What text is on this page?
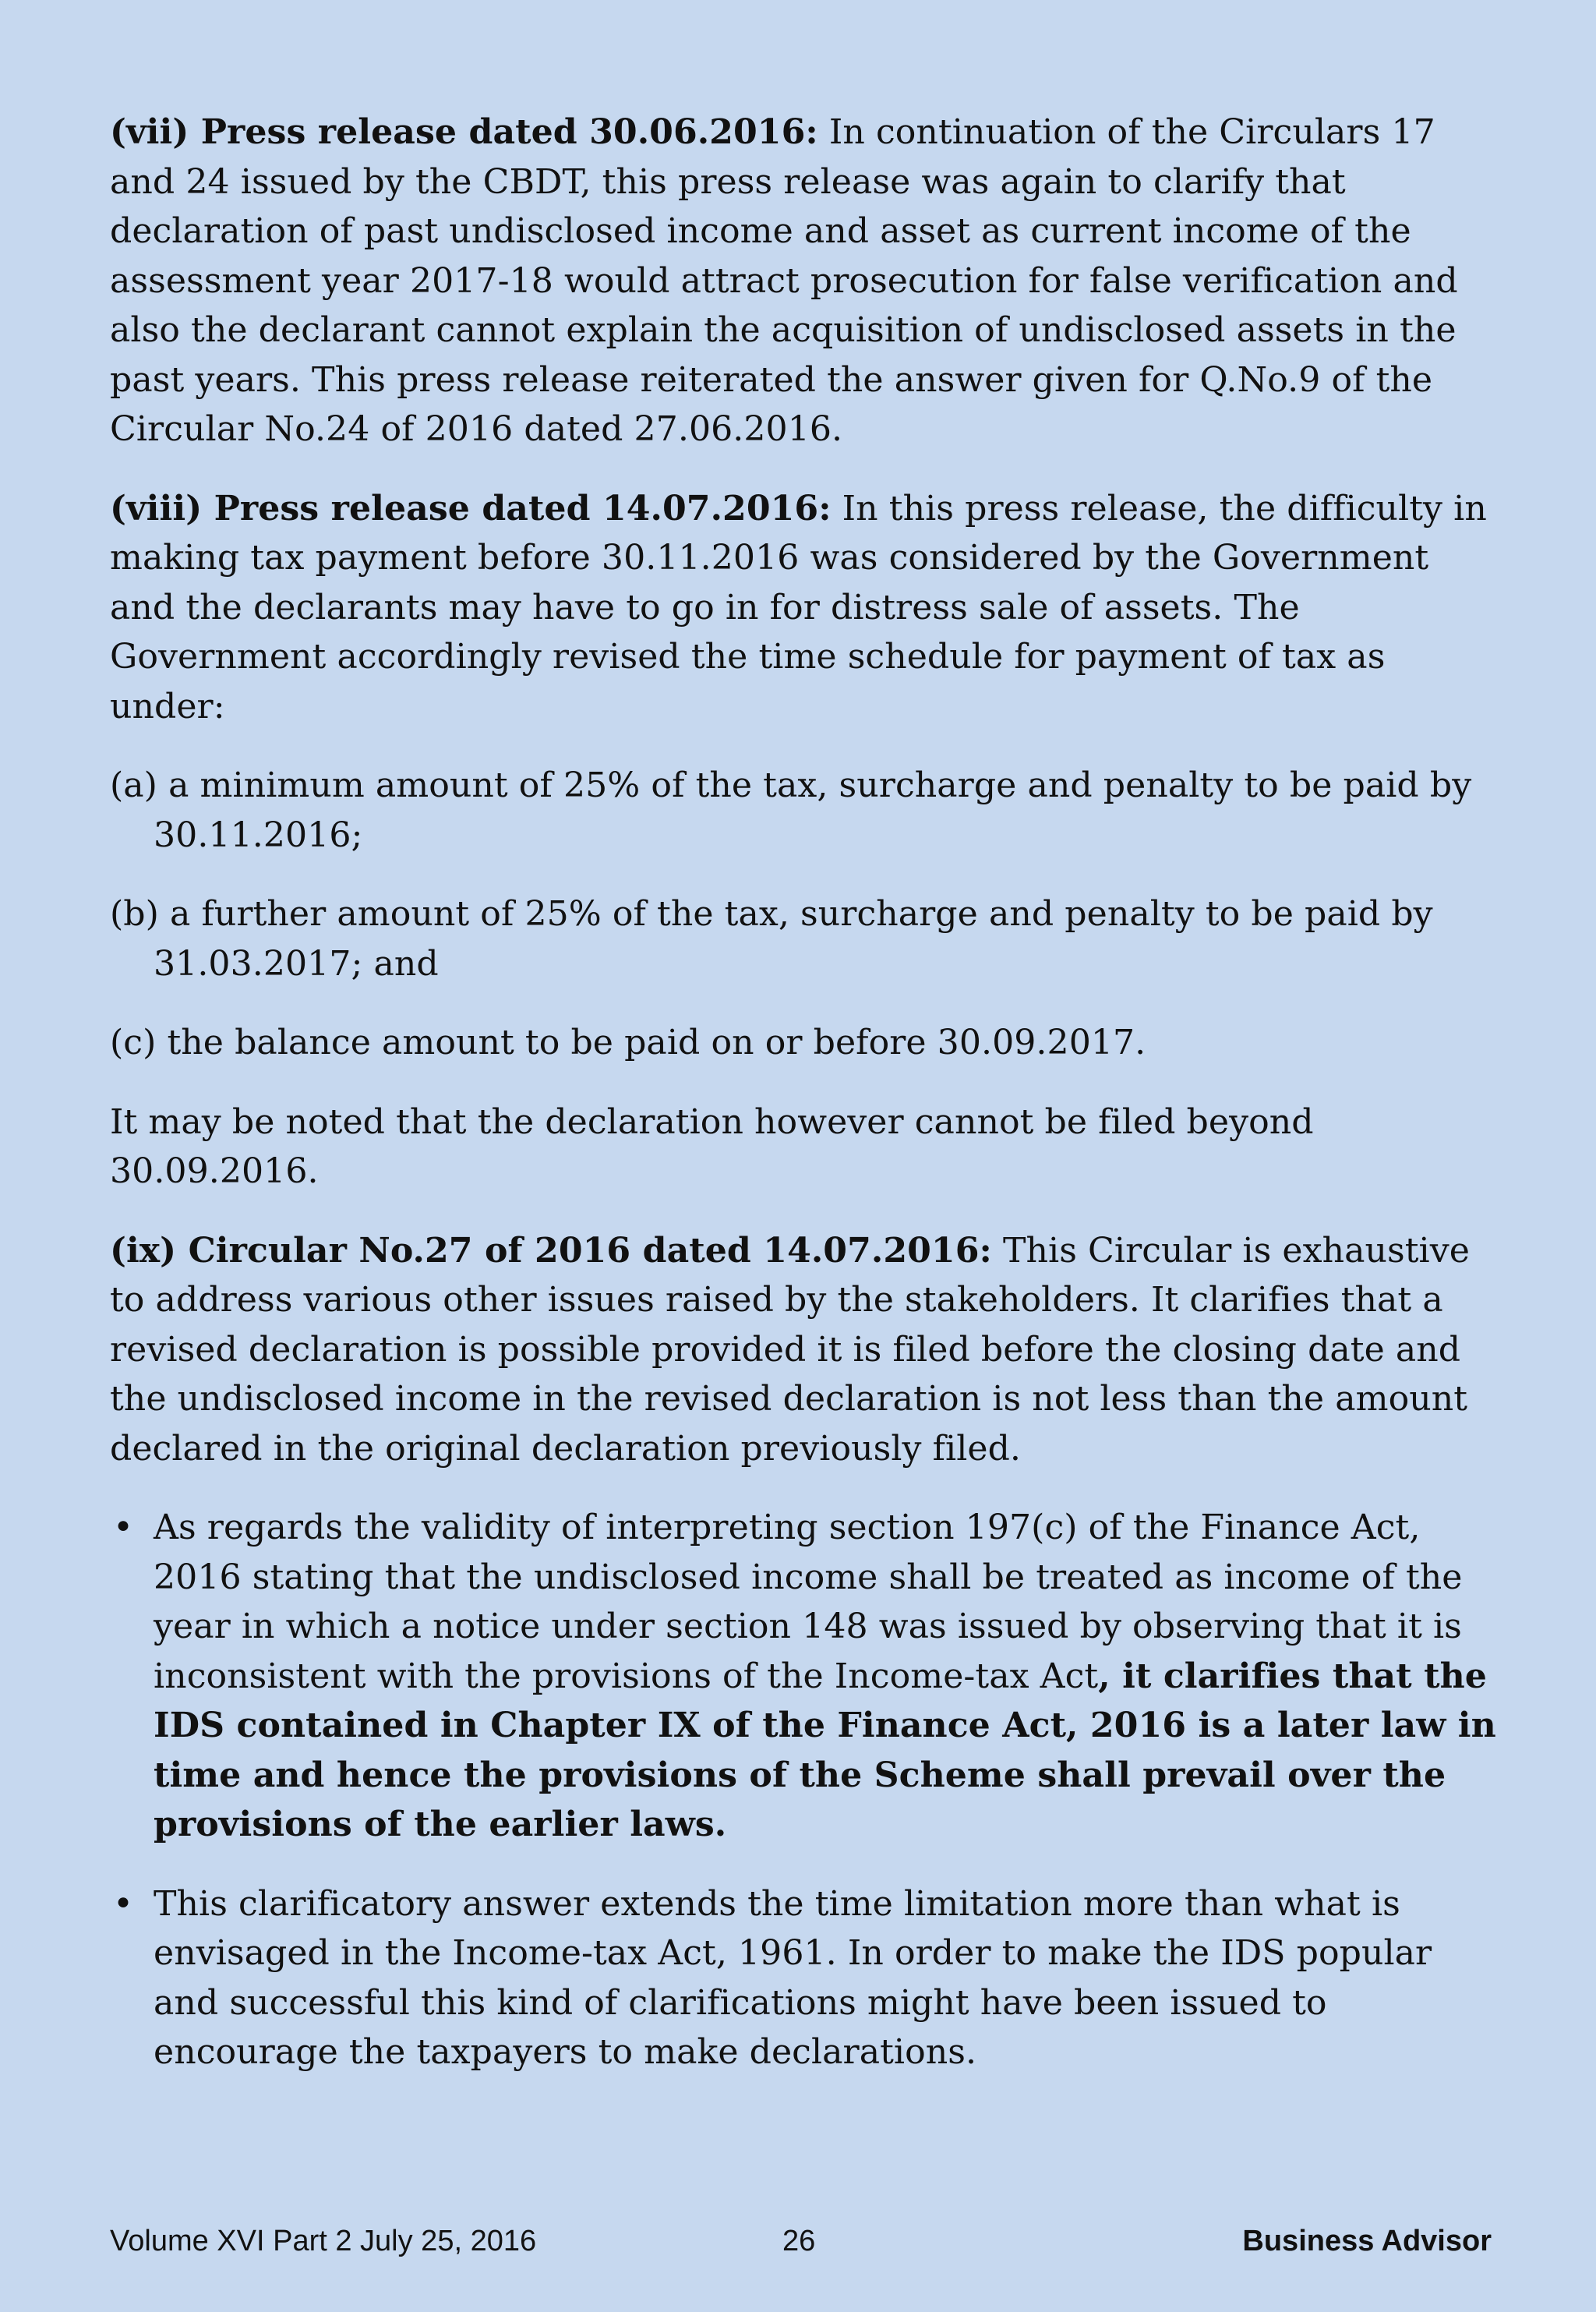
(vii) Press release dated 30.06.2016: In continuation of the Circulars 17 and 24 issued by the CBDT, this press release was again to clarify that declaration of past undisclosed income and asset as current income of the assessment year 2017-18 would attract prosecution for false verification and also the declarant cannot explain the acquisition of undisclosed assets in the past years. This press release reiterated the answer given for Q.No.9 of the Circular No.24 of 2016 dated 27.06.2016.

(viii) Press release dated 14.07.2016: In this press release, the difficulty in making tax payment before 30.11.2016 was considered by the Government and the declarants may have to go in for distress sale of assets. The Government accordingly revised the time schedule for payment of tax as under:

(a) a minimum amount of 25% of the tax, surcharge and penalty to be paid by 30.11.2016;

(b) a further amount of 25% of the tax, surcharge and penalty to be paid by 31.03.2017; and

(c) the balance amount to be paid on or before 30.09.2017.

It may be noted that the declaration however cannot be filed beyond 30.09.2016.

(ix) Circular No.27 of 2016 dated 14.07.2016: This Circular is exhaustive to address various other issues raised by the stakeholders. It clarifies that a revised declaration is possible provided it is filed before the closing date and the undisclosed income in the revised declaration is not less than the amount declared in the original declaration previously filed.

• As regards the validity of interpreting section 197(c) of the Finance Act, 2016 stating that the undisclosed income shall be treated as income of the year in which a notice under section 148 was issued by observing that it is inconsistent with the provisions of the Income-tax Act, it clarifies that the IDS contained in Chapter IX of the Finance Act, 2016 is a later law in time and hence the provisions of the Scheme shall prevail over the provisions of the earlier laws.

• This clarificatory answer extends the time limitation more than what is envisaged in the Income-tax Act, 1961. In order to make the IDS popular and successful this kind of clarifications might have been issued to encourage the taxpayers to make declarations.

Volume XVI Part 2 July 25, 2016	26	Business Advisor
